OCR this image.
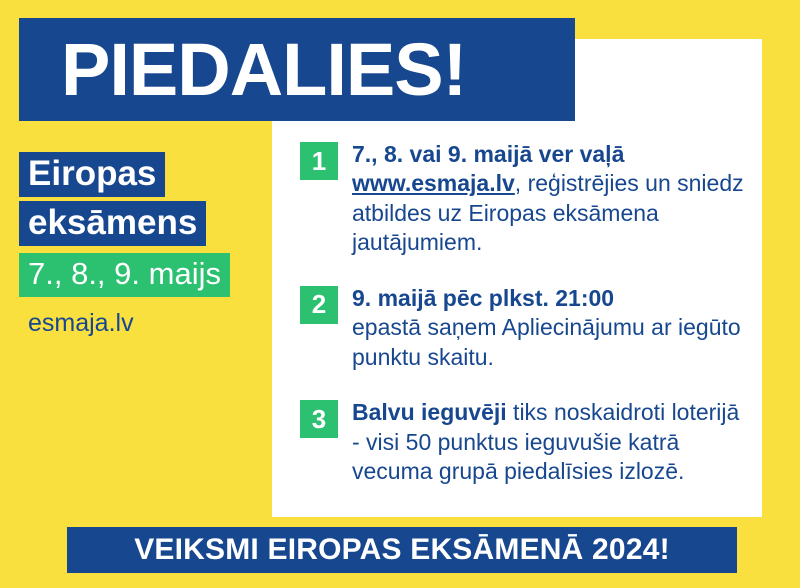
PIEDALIES!
Eiropas
eksāmens
7., 8., 9. maijs
esmaja.lv
1	7., 8. vai 9. maijā ver vaļā
www.esmaja.lv, reģistrējies un sniedz atbildes uz Eiropas eksāmena jautājumiem.
2	9. maijā pēc plkst. 21:00
epastā saņem Apliecinājumu ar iegūto punktu skaitu.
3	Balvu ieguvēji tiks noskaidroti loterijā - visi 50 punktus ieguvušie katrā vecuma grupā piedalīsies izlozē.
VEIKSMI EIROPAS EKSĀMENĀ 2024!
